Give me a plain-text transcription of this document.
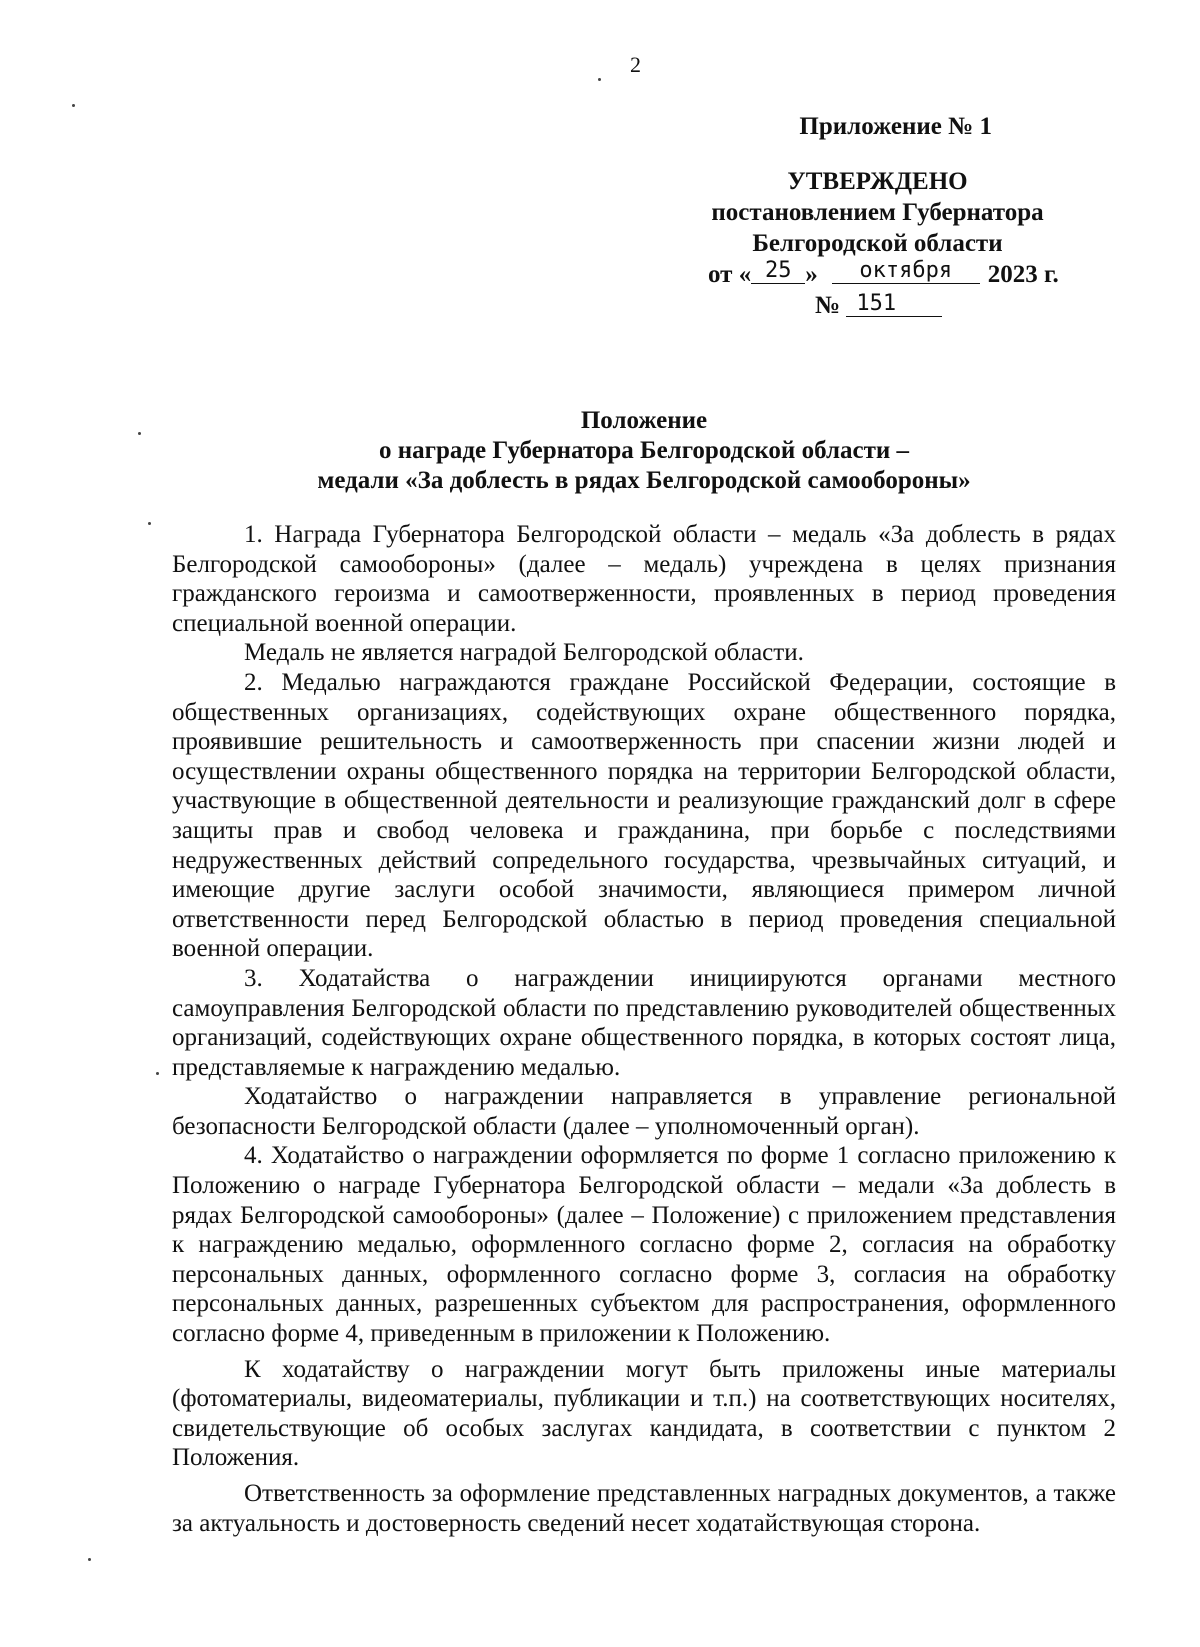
2
Приложение № 1
УТВЕРЖДЕНО
постановлением Губернатора
Белгородской области
от « 25 »	октября	2023 г.
№ 151
Положение
о награде Губернатора Белгородской области –
медали «За доблесть в рядах Белгородской самообороны»

1. Награда Губернатора Белгородской области – медаль «За доблесть в рядах Белгородской самообороны» (далее – медаль) учреждена в целях признания гражданского героизма и самоотверженности, проявленных в период проведения специальной военной операции.

Медаль не является наградой Белгородской области.

2. Медалью награждаются граждане Российской Федерации, состоящие в общественных организациях, содействующих охране общественного порядка, проявившие решительность и самоотверженность при спасении жизни людей и осуществлении охраны общественного порядка на территории Белгородской области, участвующие в общественной деятельности и реализующие гражданский долг в сфере защиты прав и свобод человека и гражданина, при борьбе с последствиями недружественных действий сопредельного государства, чрезвычайных ситуаций, и имеющие другие заслуги особой значимости, являющиеся примером личной ответственности перед Белгородской областью в период проведения специальной военной операции.

3. Ходатайства о награждении инициируются органами местного самоуправления Белгородской области по представлению руководителей общественных организаций, содействующих охране общественного порядка, в которых состоят лица, представляемые к награждению медалью.

Ходатайство о награждении направляется в управление региональной безопасности Белгородской области (далее – уполномоченный орган).

4. Ходатайство о награждении оформляется по форме 1 согласно приложению к Положению о награде Губернатора Белгородской области – медали «За доблесть в рядах Белгородской самообороны» (далее – Положение) с приложением представления к награждению медалью, оформленного согласно форме 2, согласия на обработку персональных данных, оформленного согласно форме 3, согласия на обработку персональных данных, разрешенных субъектом для распространения, оформленного согласно форме 4, приведенным в приложении к Положению.

К ходатайству о награждении могут быть приложены иные материалы (фотоматериалы, видеоматериалы, публикации и т.п.) на соответствующих носителях, свидетельствующие об особых заслугах кандидата, в соответствии с пунктом 2 Положения.

Ответственность за оформление представленных наградных документов, а также за актуальность и достоверность сведений несет ходатайствующая сторона.
